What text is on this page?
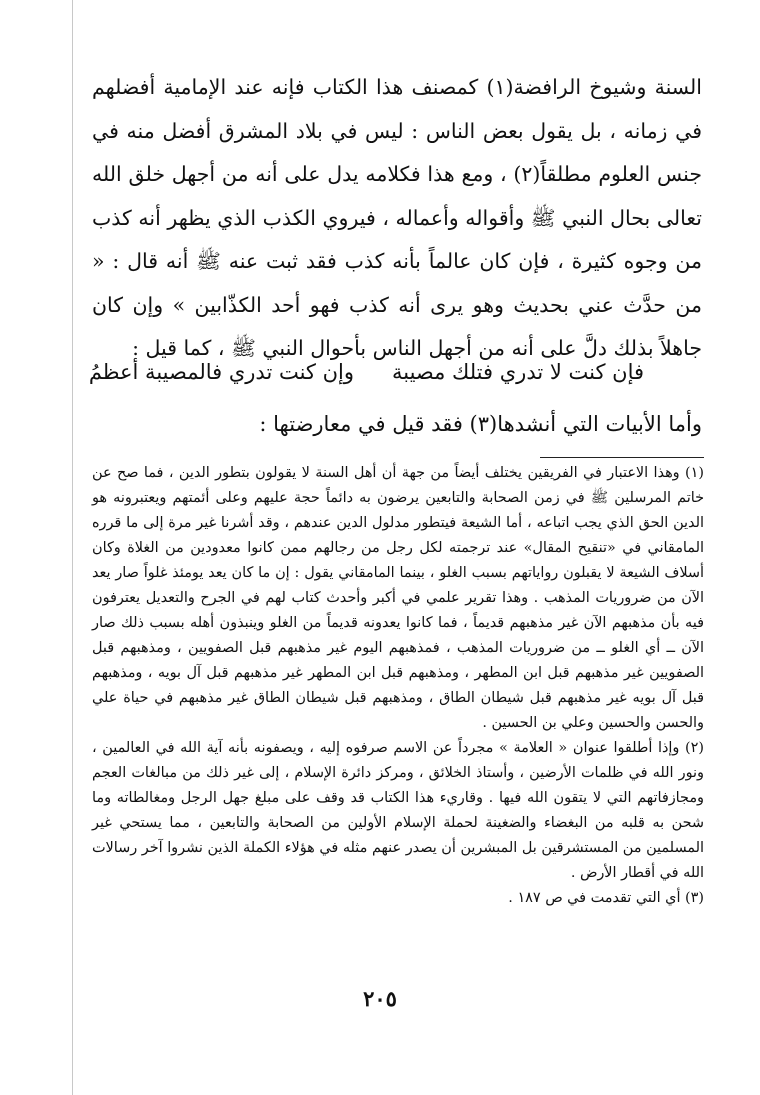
السنة وشيوخ الرافضة(١) كمصنف هذا الكتاب فإنه عند الإمامية أفضلهم في زمانه ، بل يقول بعض الناس : ليس في بلاد المشرق أفضل منه في جنس العلوم مطلقاً(٢) ، ومع هذا فكلامه يدل على أنه من أجهل خلق الله تعالى بحال النبي ﷺ وأقواله وأعماله ، فيروي الكذب الذي يظهر أنه كذب من وجوه كثيرة ، فإن كان عالماً بأنه كذب فقد ثبت عنه ﷺ أنه قال : « من حدَّث عني بحديث وهو يرى أنه كذب فهو أحد الكذّابين » وإن كان جاهلاً بذلك دلَّ على أنه من أجهل الناس بأحوال النبي ﷺ ، كما قيل :

فإن كنت لا تدري فتلك مصيبة
وإن كنت تدري فالمصيبة أعظمُ
وأما الأبيات التي أنشدها(٣) فقد قيل في معارضتها :

(١) وهذا الاعتبار في الفريقين يختلف أيضاً من جهة أن أهل السنة لا يقولون بتطور الدين ، فما صح عن خاتم المرسلين ﷺ في زمن الصحابة والتابعين يرضون به دائماً حجة عليهم وعلى أئمتهم ويعتبرونه هو الدين الحق الذي يجب اتباعه ، أما الشيعة فيتطور مدلول الدين عندهم ، وقد أشرنا غير مرة إلى ما قرره المامقاني في «تنقيح المقال» عند ترجمته لكل رجل من رجالهم ممن كانوا معدودين من الغلاة وكان أسلاف الشيعة لا يقبلون رواياتهم بسبب الغلو ، بينما المامقاني يقول : إن ما كان يعد يومئذ غلواً صار يعد الآن من ضروريات المذهب . وهذا تقرير علمي في أكبر وأحدث كتاب لهم في الجرح والتعديل يعترفون فيه بأن مذهبهم الآن غير مذهبهم قديماً ، فما كانوا يعدونه قديماً من الغلو وينبذون أهله بسبب ذلك صار الآن ــ أي الغلو ــ من ضروريات المذهب ، فمذهبهم اليوم غير مذهبهم قبل الصفويين ، ومذهبهم قبل الصفويين غير مذهبهم قبل ابن المطهر ، ومذهبهم قبل ابن المطهر غير مذهبهم قبل آل بويه ، ومذهبهم قبل آل بويه غير مذهبهم قبل شيطان الطاق ، ومذهبهم قبل شيطان الطاق غير مذهبهم في حياة علي والحسن والحسين وعلي بن الحسين .

(٢) وإذا أطلقوا عنوان « العلامة » مجرداً عن الاسم صرفوه إليه ، ويصفونه بأنه آية الله في العالمين ، ونور الله في ظلمات الأرضين ، وأستاذ الخلائق ، ومركز دائرة الإسلام ، إلى غير ذلك من مبالغات العجم ومجازفاتهم التي لا يتقون الله فيها . وقاريء هذا الكتاب قد وقف على مبلغ جهل الرجل ومغالطاته وما شحن به قلبه من البغضاء والضغينة لحملة الإسلام الأولين من الصحابة والتابعين ، مما يستحي غير المسلمين من المستشرقين بل المبشرين أن يصدر عنهم مثله في هؤلاء الكملة الذين نشروا آخر رسالات الله في أقطار الأرض .

(٣) أي التي تقدمت في ص ١٨٧ .

٢٠٥
